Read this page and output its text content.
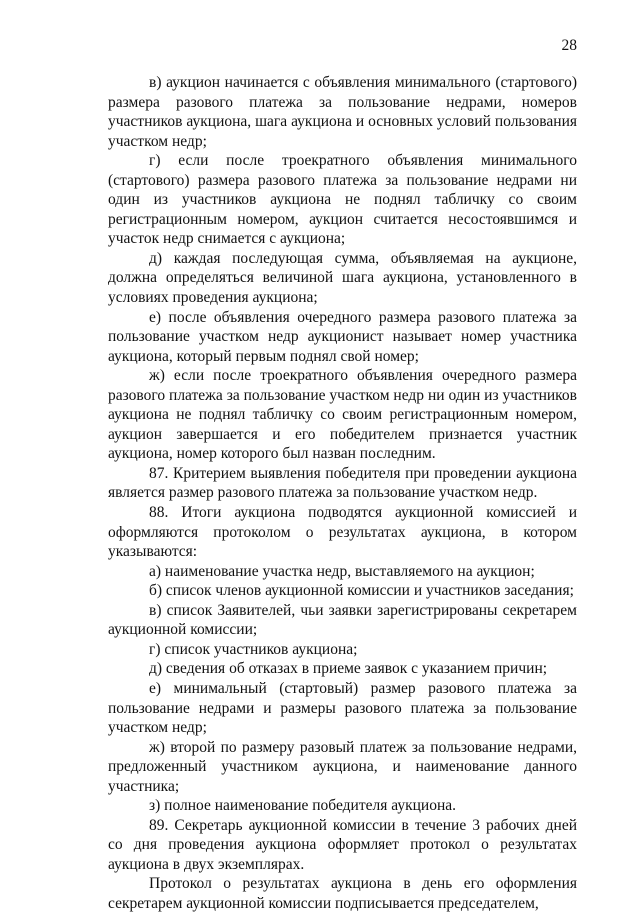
28

в) аукцион начинается с объявления минимального (стартового) размера разового платежа за пользование недрами, номеров участников аукциона, шага аукциона и основных условий пользования участком недр;

г) если после троекратного объявления минимального (стартового) размера разового платежа за пользование недрами ни один из участников аукциона не поднял табличку со своим регистрационным номером, аукцион считается несостоявшимся и участок недр снимается с аукциона;

д) каждая последующая сумма, объявляемая на аукционе, должна определяться величиной шага аукциона, установленного в условиях проведения аукциона;

е) после объявления очередного размера разового платежа за пользование участком недр аукционист называет номер участника аукциона, который первым поднял свой номер;

ж) если после троекратного объявления очередного размера разового платежа за пользование участком недр ни один из участников аукциона не поднял табличку со своим регистрационным номером, аукцион завершается и его победителем признается участник аукциона, номер которого был назван последним.

87. Критерием выявления победителя при проведении аукциона является размер разового платежа за пользование участком недр.

88. Итоги аукциона подводятся аукционной комиссией и оформляются протоколом о результатах аукциона, в котором указываются:

а) наименование участка недр, выставляемого на аукцион;

б) список членов аукционной комиссии и участников заседания;

в) список Заявителей, чьи заявки зарегистрированы секретарем аукционной комиссии;

г) список участников аукциона;

д) сведения об отказах в приеме заявок с указанием причин;

е) минимальный (стартовый) размер разового платежа за пользование недрами и размеры разового платежа за пользование участком недр;

ж) второй по размеру разовый платеж за пользование недрами, предложенный участником аукциона, и наименование данного участника;

з) полное наименование победителя аукциона.

89. Секретарь аукционной комиссии в течение 3 рабочих дней со дня проведения аукциона оформляет протокол о результатах аукциона в двух экземплярах.

Протокол о результатах аукциона в день его оформления секретарем аукционной комиссии подписывается председателем,
